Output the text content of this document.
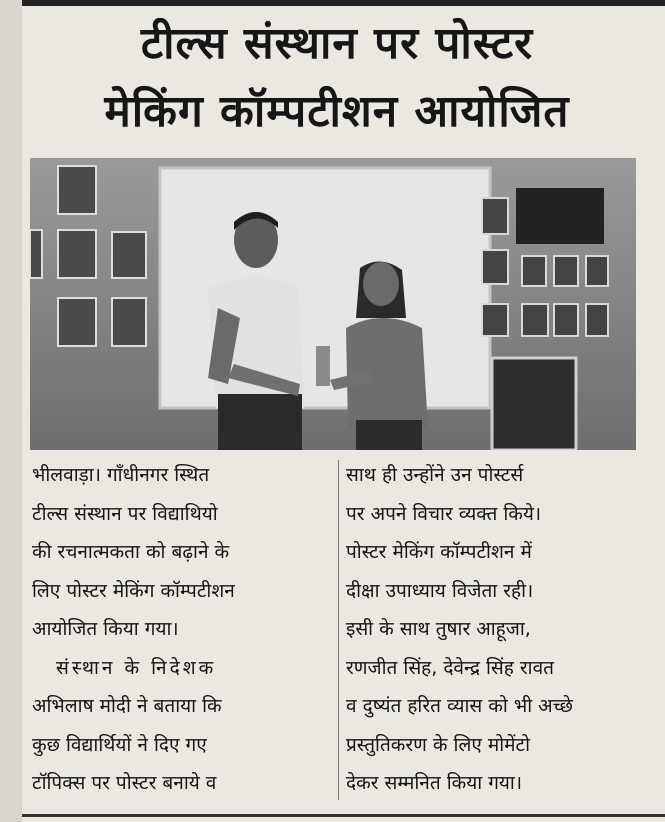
टील्स संस्थान पर पोस्टर
मेकिंग कॉम्पटीशन आयोजित
भीलवाड़ा। गाँधीनगर स्थित
टील्स संस्थान पर विद्याथियो
की रचनात्मकता को बढ़ाने के
लिए पोस्टर मेकिंग कॉम्पटीशन
आयोजित किया गया।
संस्थान के निदेशक
अभिलाष मोदी ने बताया कि
कुछ विद्यार्थियों ने दिए गए
टॉपिक्स पर पोस्टर बनाये व
साथ ही उन्होंने उन पोस्टर्स
पर अपने विचार व्यक्त किये।
पोस्टर मेकिंग कॉम्पटीशन में
दीक्षा उपाध्याय विजेता रही।
इसी के साथ तुषार आहूजा,
रणजीत सिंह, देवेन्द्र सिंह रावत
व दुष्यंत हरित व्यास को भी अच्छे
प्रस्तुतिकरण के लिए मोमेंटो
देकर सम्मनित किया गया।
